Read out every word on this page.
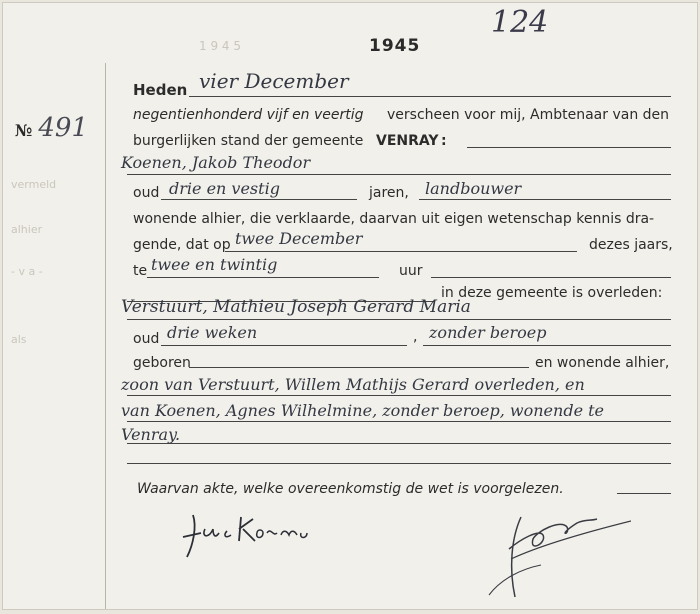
1 9 4 5
vermeld
alhier
- v a -
als
1945
124
№ 491
Heden vier December
negentienhonderd vijf en veertig verscheen voor mij, Ambtenaar van den
burgerlijken stand der gemeente VENRAY :
Koenen, Jakob Theodor
oud drie en vestig	jaren, landbouwer
wonende alhier, die verklaarde, daarvan uit eigen wetenschap kennis dra-
gende, dat op twee December	dezes jaars,
te twee en twintig	uur
in deze gemeente is overleden:
Verstuurt, Mathieu Joseph Gerard Maria
oud drie weken	, zonder beroep
geboren	en wonende alhier,
zoon van Verstuurt, Willem Mathijs Gerard overleden, en
van Koenen, Agnes Wilhelmine, zonder beroep, wonende te
Venray.
Waarvan akte, welke overeenkomstig de wet is voorgelezen.
